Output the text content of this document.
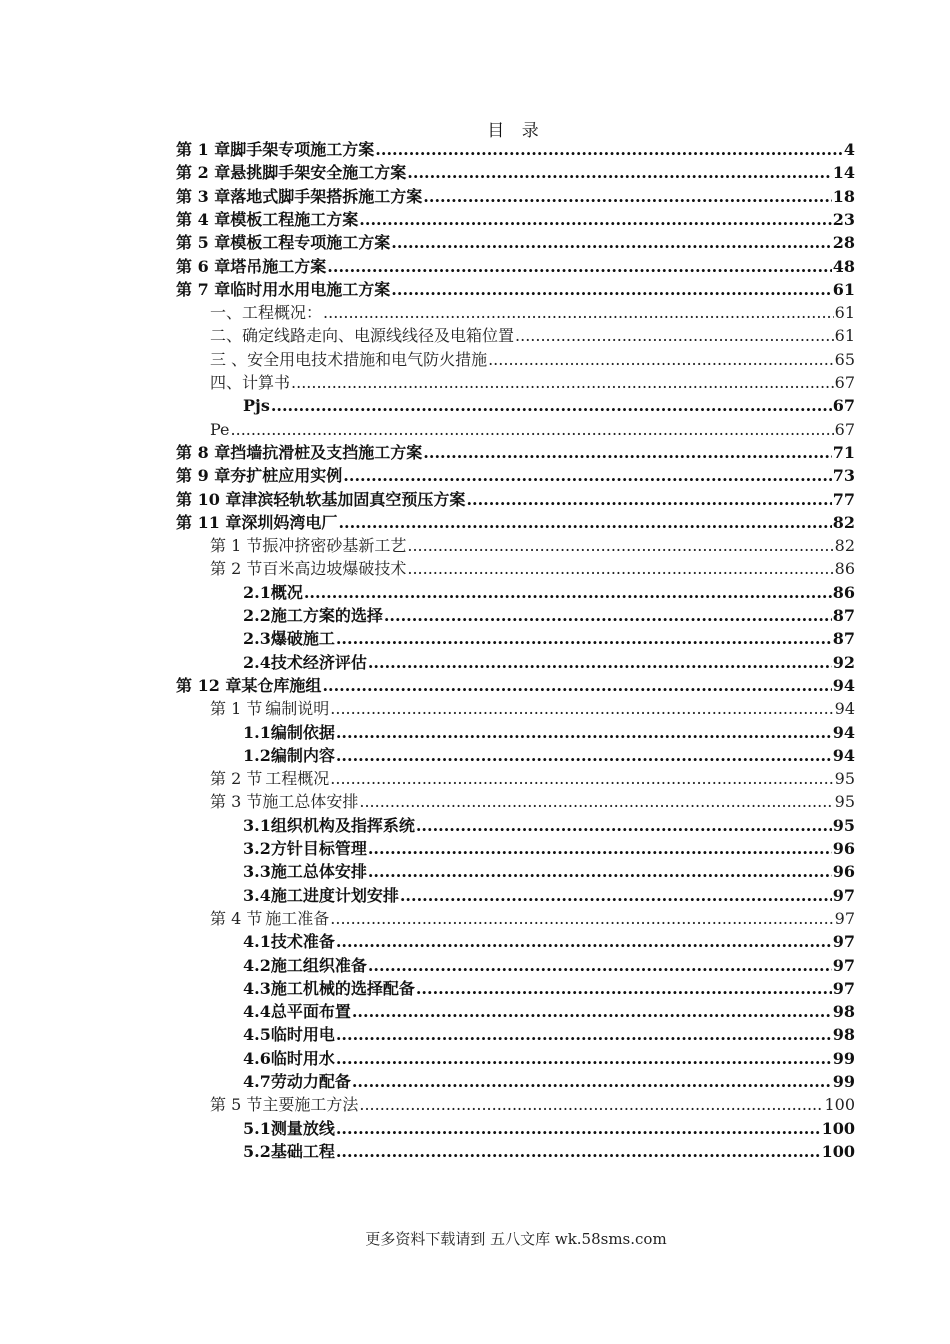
目 录
第 1 章 脚手架专项施工方案 .....	4
第 2 章 悬挑脚手架安全施工方案 .....	14
第 3 章 落地式脚手架搭拆施工方案 .....	18
第 4 章 模板工程施工方案 .....	23
第 5 章 模板工程专项施工方案 .....	28
第 6 章 塔吊施工方案 .....	48
第 7 章 临时用水用电施工方案 .....	61
一、工程概况： .....	61
二、确定线路走向、电源线线径及电箱位置 .....	61
三 、安全用电技术措施和电气防火措施 .....	65
四、计算书 .....	67
Pjs .....	67
Pe .....	67
第 8 章 挡墙抗滑桩及支挡施工方案 .....	71
第 9 章 夯扩桩应用实例 .....	73
第 10 章 津滨轻轨软基加固真空预压方案 .....	77
第 11 章 深圳妈湾电厂 .....	82
第 1 节 振冲挤密砂基新工艺 .....	82
第 2 节 百米高边坡爆破技术 .....	86
2.1 概况 .....	86
2.2 施工方案的选择 .....	87
2.3 爆破施工 .....	87
2.4 技术经济评估 .....	92
第 12 章 某仓库施组 .....	94
第 1 节 编制说明 .....	94
1.1 编制依据 .....	94
1.2 编制内容 .....	94
第 2 节 工程概况 .....	95
第 3 节 施工总体安排 .....	95
3.1 组织机构及指挥系统 .....	95
3.2 方针目标管理 .....	96
3.3 施工总体安排 .....	96
3.4 施工进度计划安排 .....	97
第 4 节 施工准备 .....	97
4.1 技术准备 .....	97
4.2 施工组织准备 .....	97
4.3 施工机械的选择配备 .....	97
4.4 总平面布置 .....	98
4.5 临时用电 .....	98
4.6 临时用水 .....	99
4.7 劳动力配备 .....	99
第 5 节 主要施工方法 .....	100
5.1 测量放线 .....	100
5.2 基础工程 .....	100
更多资料下载请到 五八文库 wk.58sms.com
